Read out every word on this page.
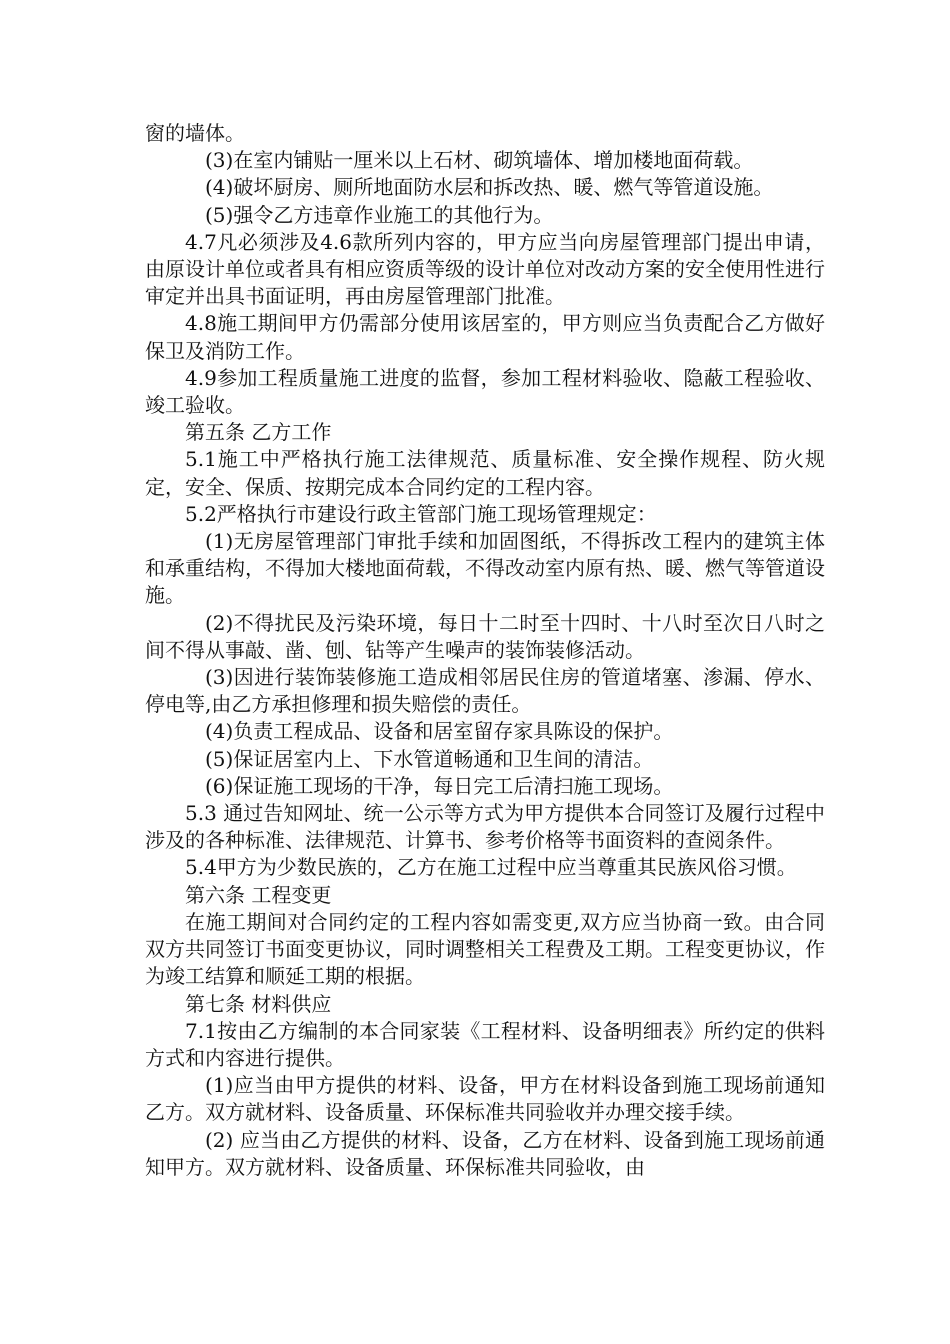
窗的墙体。

(3)在室内铺贴一厘米以上石材、砌筑墙体、增加楼地面荷载。

(4)破坏厨房、厕所地面防水层和拆改热、暖、燃气等管道设施。

(5)强令乙方违章作业施工的其他行为。

4.7凡必须涉及4.6款所列内容的，甲方应当向房屋管理部门提出申请，由原设计单位或者具有相应资质等级的设计单位对改动方案的安全使用性进行审定并出具书面证明，再由房屋管理部门批准。

4.8施工期间甲方仍需部分使用该居室的，甲方则应当负责配合乙方做好保卫及消防工作。

4.9参加工程质量施工进度的监督，参加工程材料验收、隐蔽工程验收、竣工验收。

第五条 乙方工作

5.1施工中严格执行施工法律规范、质量标准、安全操作规程、防火规定，安全、保质、按期完成本合同约定的工程内容。

5.2严格执行市建设行政主管部门施工现场管理规定：

(1)无房屋管理部门审批手续和加固图纸，不得拆改工程内的建筑主体和承重结构，不得加大楼地面荷载，不得改动室内原有热、暖、燃气等管道设施。

(2)不得扰民及污染环境，每日十二时至十四时、十八时至次日八时之间不得从事敲、凿、刨、钻等产生噪声的装饰装修活动。

(3)因进行装饰装修施工造成相邻居民住房的管道堵塞、渗漏、停水、停电等,由乙方承担修理和损失赔偿的责任。

(4)负责工程成品、设备和居室留存家具陈设的保护。

(5)保证居室内上、下水管道畅通和卫生间的清洁。

(6)保证施工现场的干净，每日完工后清扫施工现场。

5.3 通过告知网址、统一公示等方式为甲方提供本合同签订及履行过程中涉及的各种标准、法律规范、计算书、参考价格等书面资料的查阅条件。

5.4甲方为少数民族的，乙方在施工过程中应当尊重其民族风俗习惯。

第六条 工程变更

在施工期间对合同约定的工程内容如需变更,双方应当协商一致。由合同双方共同签订书面变更协议，同时调整相关工程费及工期。工程变更协议，作为竣工结算和顺延工期的根据。

第七条 材料供应

7.1按由乙方编制的本合同家装《工程材料、设备明细表》所约定的供料方式和内容进行提供。

(1)应当由甲方提供的材料、设备，甲方在材料设备到施工现场前通知乙方。双方就材料、设备质量、环保标准共同验收并办理交接手续。

(2) 应当由乙方提供的材料、设备，乙方在材料、设备到施工现场前通知甲方。双方就材料、设备质量、环保标准共同验收，由
